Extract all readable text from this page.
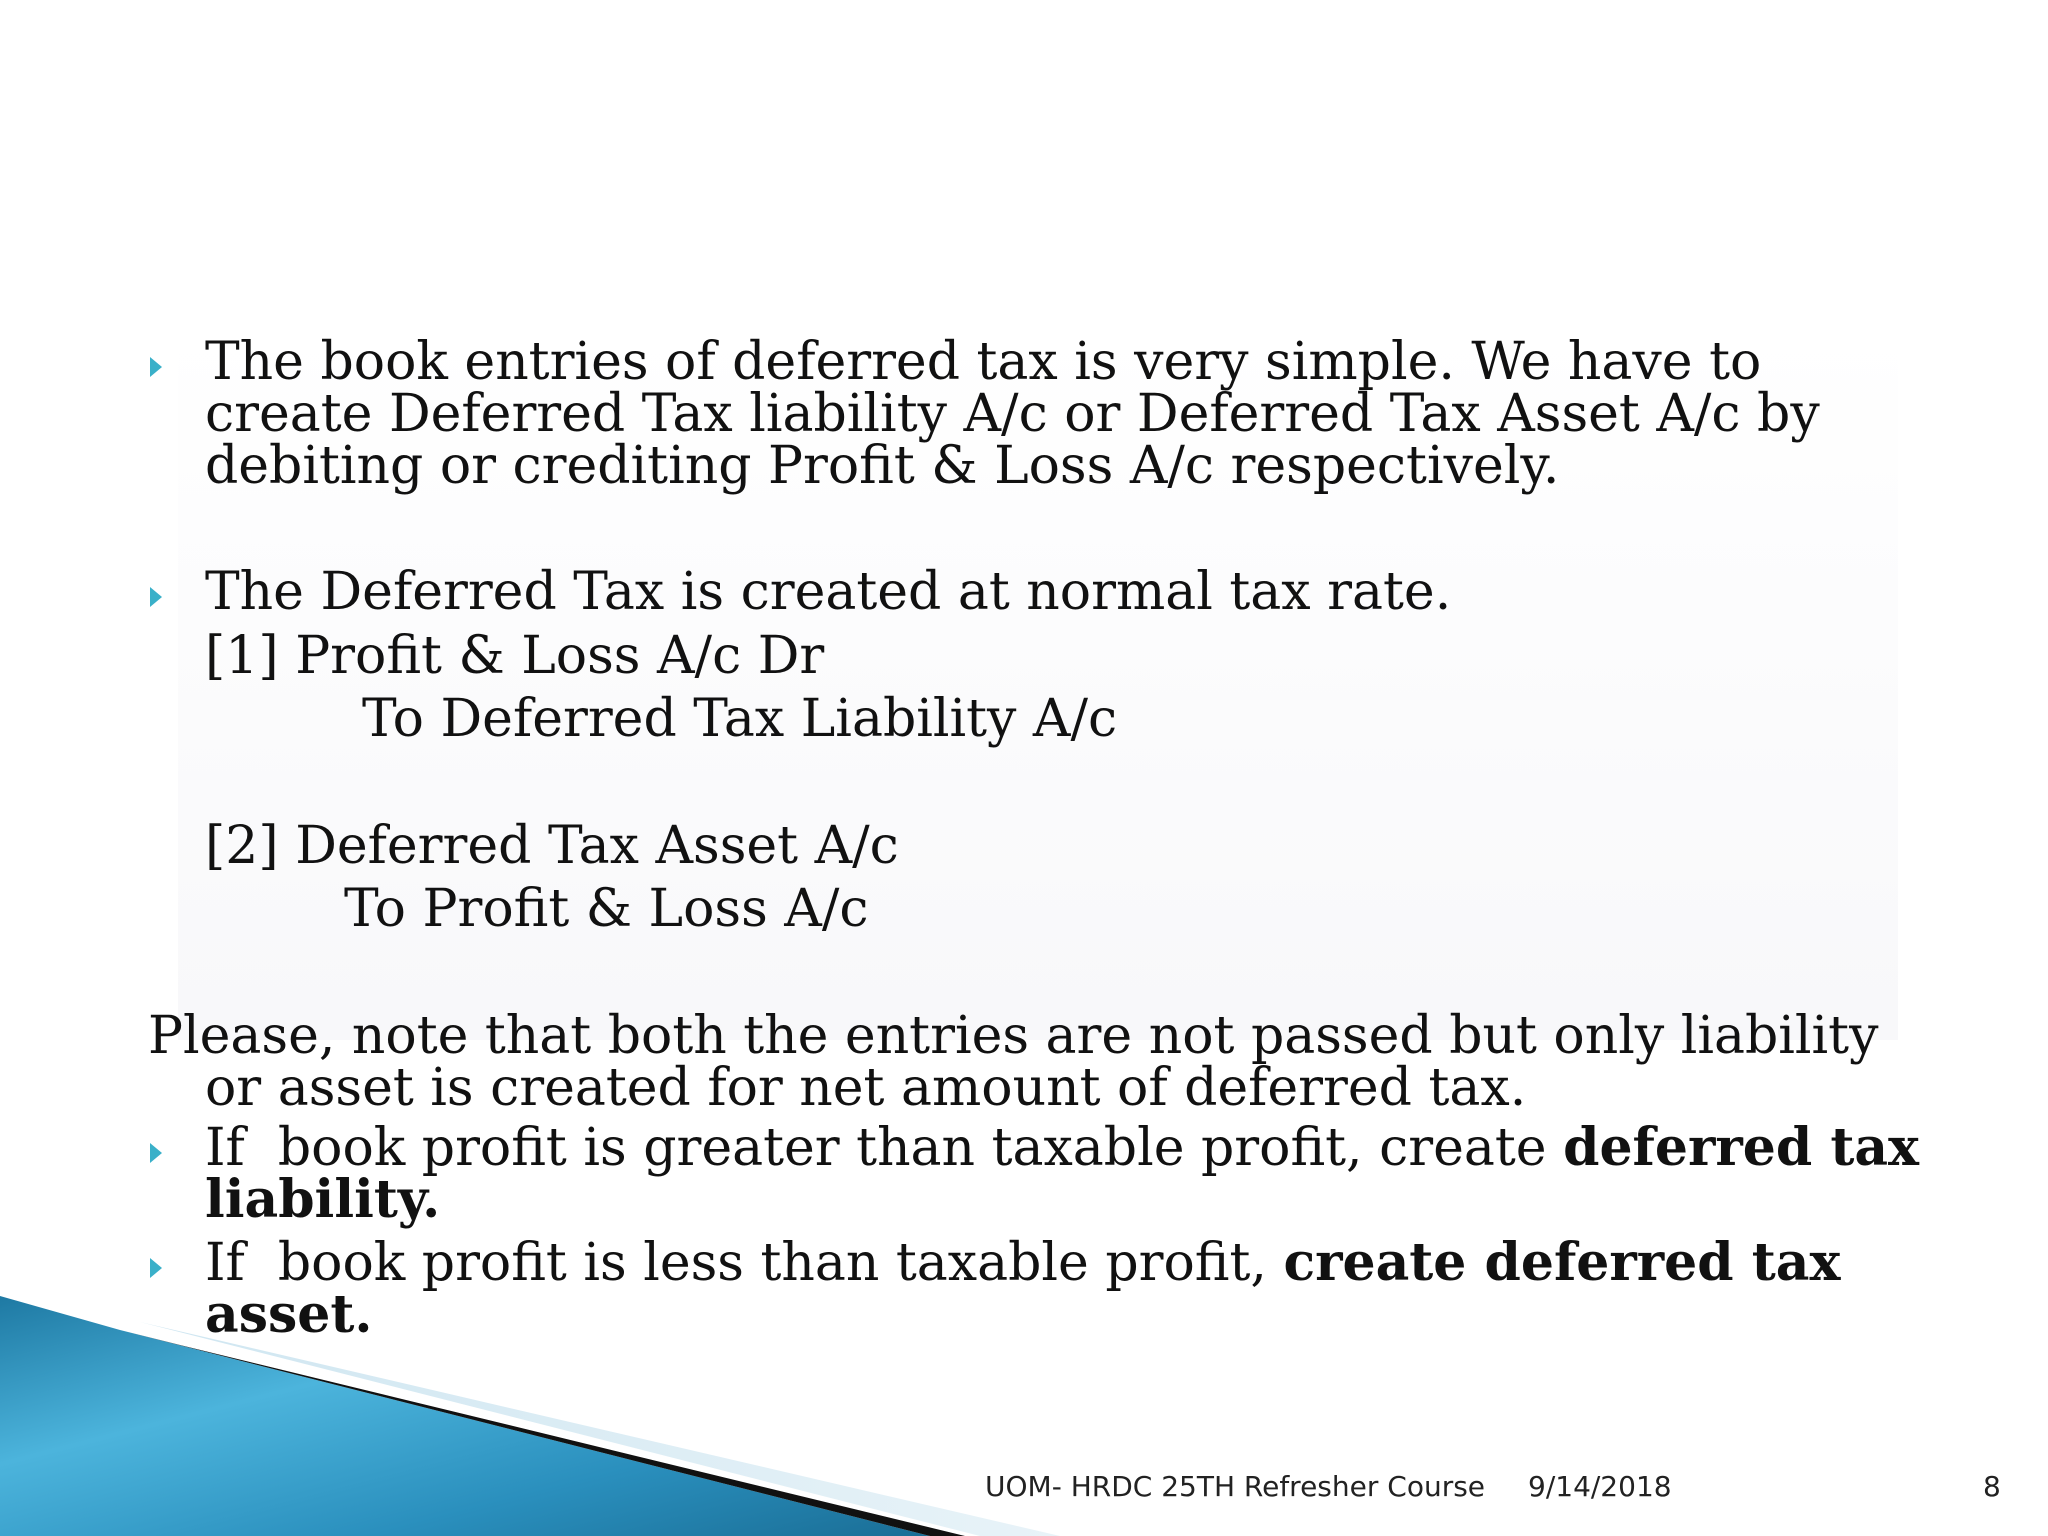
The book entries of deferred tax is very simple. We have to
create Deferred Tax liability A/c or Deferred Tax Asset A/c by
debiting or crediting Profit & Loss A/c respectively.
The Deferred Tax is created at normal tax rate.
[1] Profit & Loss A/c Dr
To Deferred Tax Liability A/c
[2] Deferred Tax Asset A/c
To Profit & Loss A/c
Please, note that both the entries are not passed but only liability
or asset is created for net amount of deferred tax.
If  book profit is greater than taxable profit, create deferred tax
liability.
If  book profit is less than taxable profit, create deferred tax
asset.
UOM- HRDC 25TH Refresher Course 9/14/2018	8
